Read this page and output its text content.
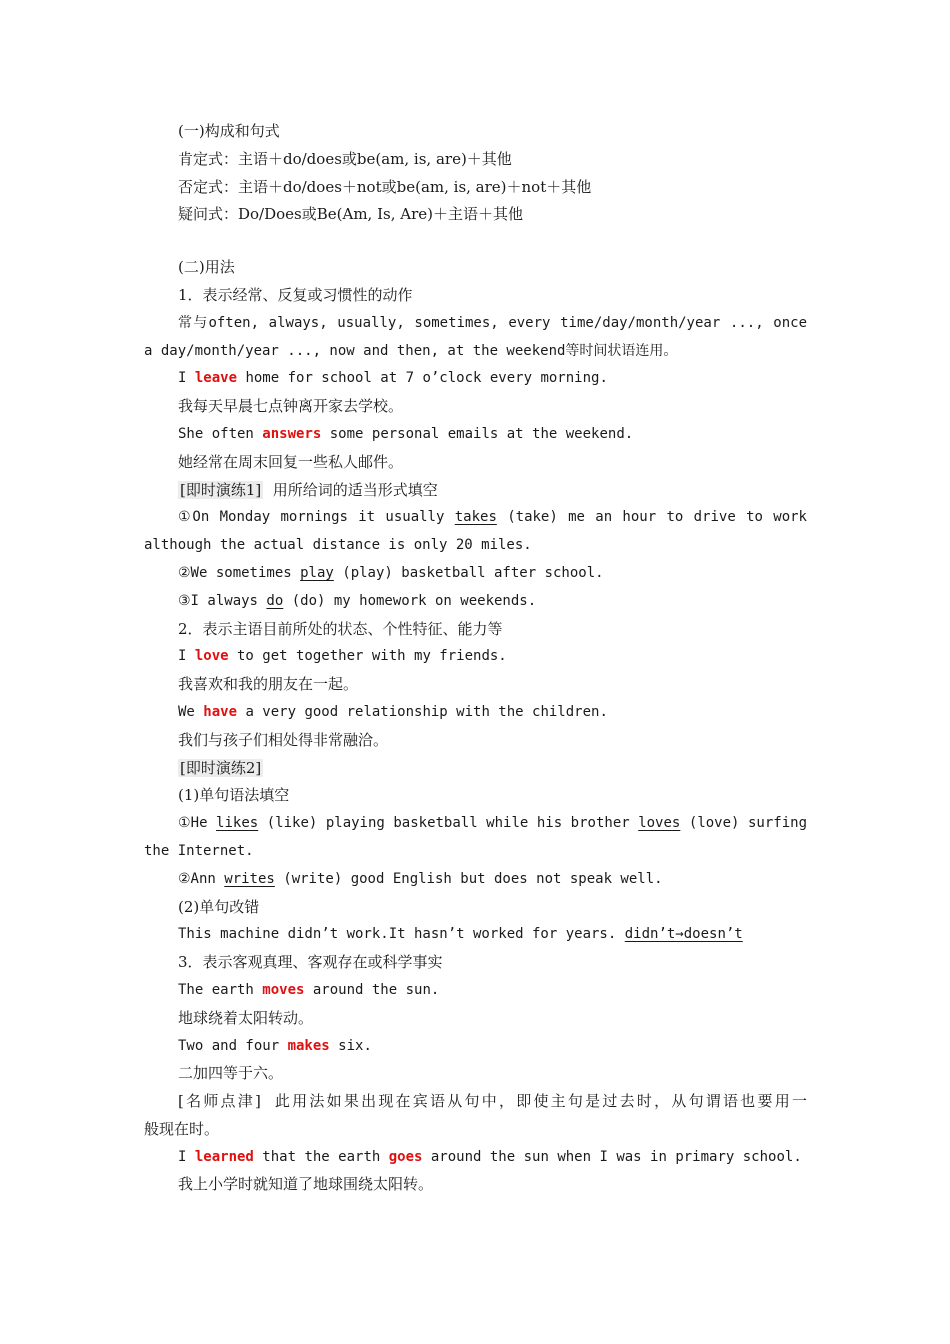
(一)构成和句式
肯定式：主语＋do/does或be(am, is, are)＋其他
否定式：主语＋do/does＋not或be(am, is, are)＋not＋其他
疑问式：Do/Does或Be(Am, Is, Are)＋主语＋其他
(二)用法
1．表示经常、反复或习惯性的动作
常与often, always, usually, sometimes, every time/day/month/year ..., once
a day/month/year ..., now and then, at the weekend等时间状语连用。
I leave home for school at 7 o’clock every morning.
我每天早晨七点钟离开家去学校。
She often answers some personal emails at the weekend.
她经常在周末回复一些私人邮件。
[即时演练1]  用所给词的适当形式填空
①On Monday mornings it usually takes (take) me an hour to drive to work
although the actual distance is only 20 miles.
②We sometimes play (play) basketball after school.
③I always do (do) my homework on weekends.
2．表示主语目前所处的状态、个性特征、能力等
I love to get together with my friends.
我喜欢和我的朋友在一起。
We have a very good relationship with the children.
我们与孩子们相处得非常融洽。
[即时演练2]
(1)单句语法填空
①He likes (like) playing basketball while his brother loves (love) surfing
the Internet.
②Ann writes (write) good English but does not speak well.
(2)单句改错
This machine didn’t work.It hasn’t worked for years. didn’t→doesn’t
3．表示客观真理、客观存在或科学事实
The earth moves around the sun.
地球绕着太阳转动。
Two and four makes six.
二加四等于六。
[名师点津]  此用法如果出现在宾语从句中，即使主句是过去时，从句谓语也要用一
般现在时。
I learned that the earth goes around the sun when I was in primary school.
我上小学时就知道了地球围绕太阳转。
